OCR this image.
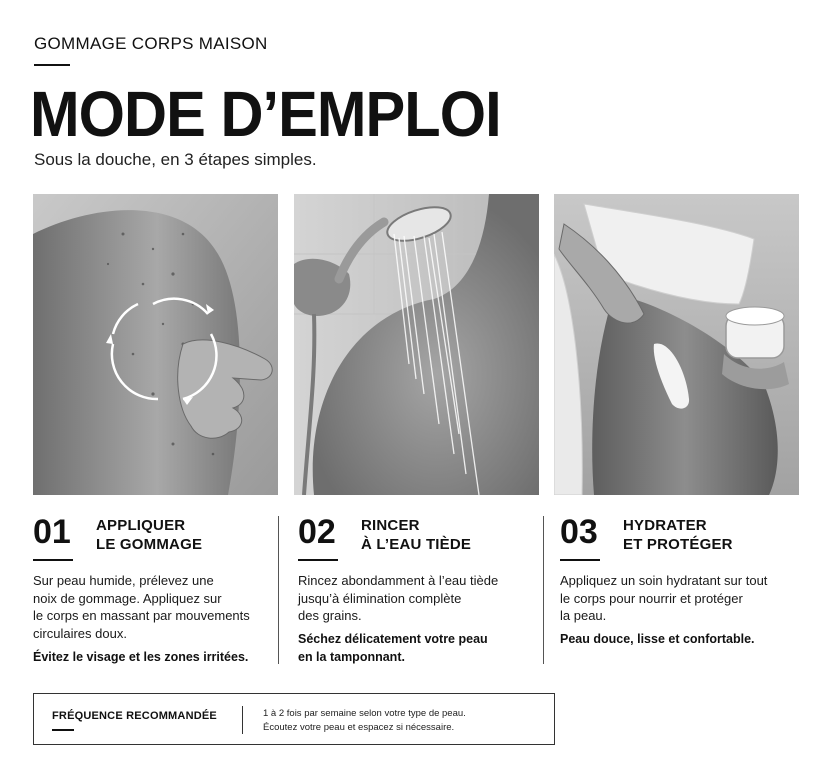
GOMMAGE CORPS MAISON
MODE D’EMPLOI
Sous la douche, en 3 étapes simples.
01 APPLIQUER
LE GOMMAGE
Sur peau humide, prélevez une
noix de gommage. Appliquez sur
le corps en massant par mouvements
circulaires doux.
Évitez le visage et les zones irritées.
02 RINCER
À L’EAU TIÈDE
Rincez abondamment à l’eau tiède
jusqu’à élimination complète
des grains.
Séchez délicatement votre peau
en la tamponnant.
03 HYDRATER
ET PROTÉGER
Appliquez un soin hydratant sur tout
le corps pour nourrir et protéger
la peau.
Peau douce, lisse et confortable.
FRÉQUENCE RECOMMANDÉE	1 à 2 fois par semaine selon votre type de peau.
Écoutez votre peau et espacez si nécessaire.
